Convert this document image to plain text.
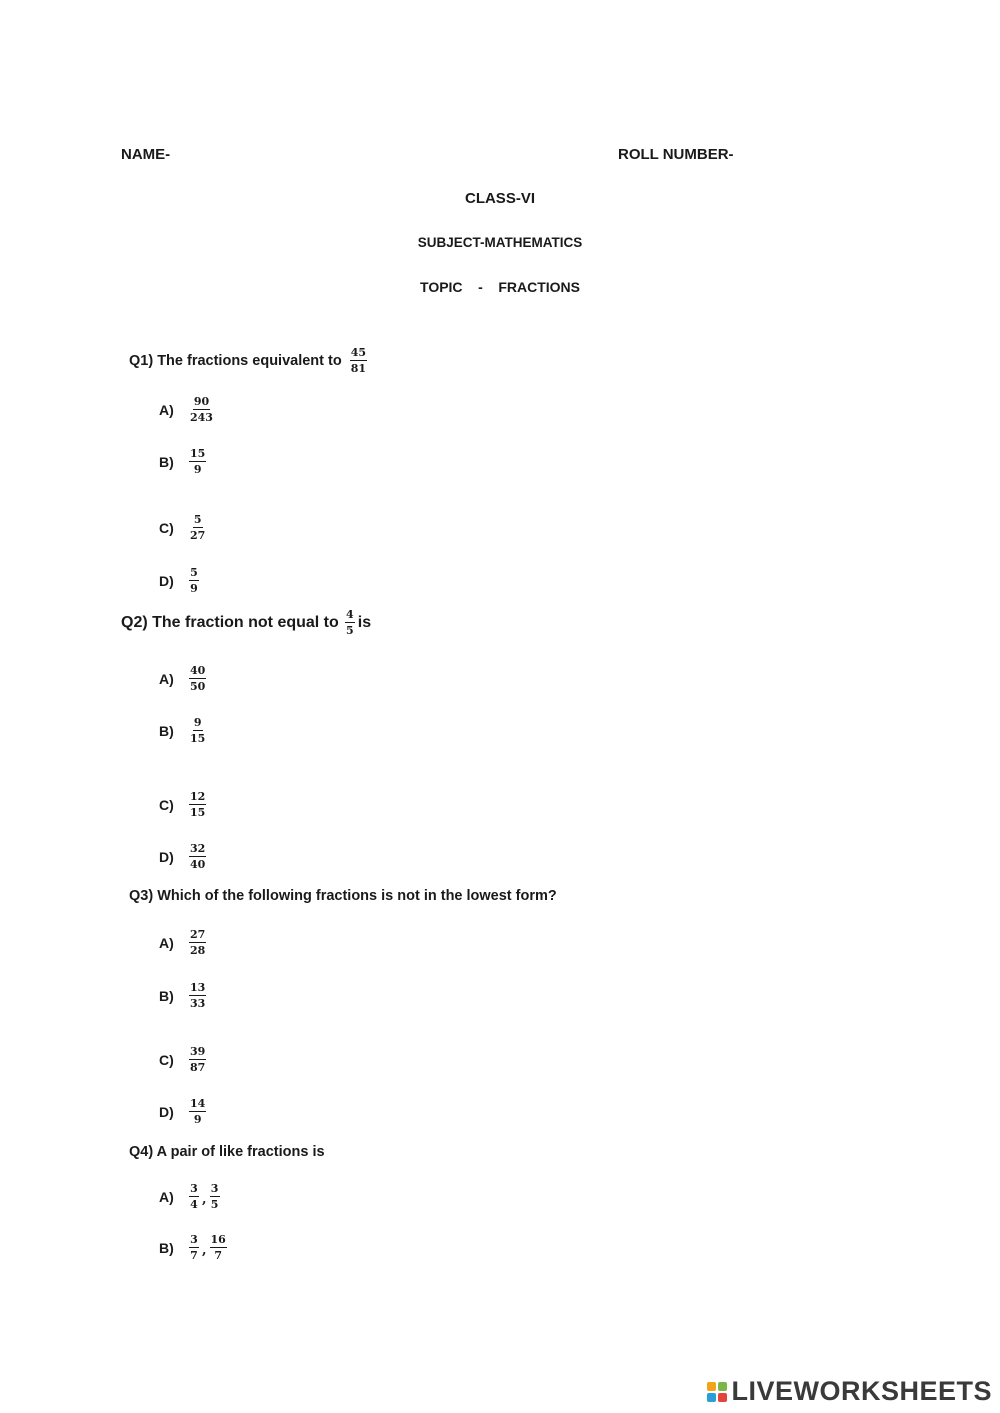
NAME-	ROLL NUMBER-
CLASS-VI
SUBJECT-MATHEMATICS
TOPIC    -    FRACTIONS
Q1) The fractions equivalent to $\frac{45}{81}$
A)	$\frac{90}{243}$
B)	$\frac{15}{9}$
C)	$\frac{5}{27}$
D)	$\frac{5}{9}$
Q2) The fraction not equal to $\frac{4}{5}$ is
A)	$\frac{40}{50}$
B)	$\frac{9}{15}$
C)	$\frac{12}{15}$
D)	$\frac{32}{40}$
Q3) Which of the following fractions is not in the lowest form?
A)	$\frac{27}{28}$
B)	$\frac{13}{33}$
C)	$\frac{39}{87}$
D)	$\frac{14}{9}$
Q4) A pair of like fractions is
A)	$\frac{3}{4}$ , $\frac{3}{5}$
B)	$\frac{3}{7}$ , $\frac{16}{7}$
LIVEWORKSHEETS
